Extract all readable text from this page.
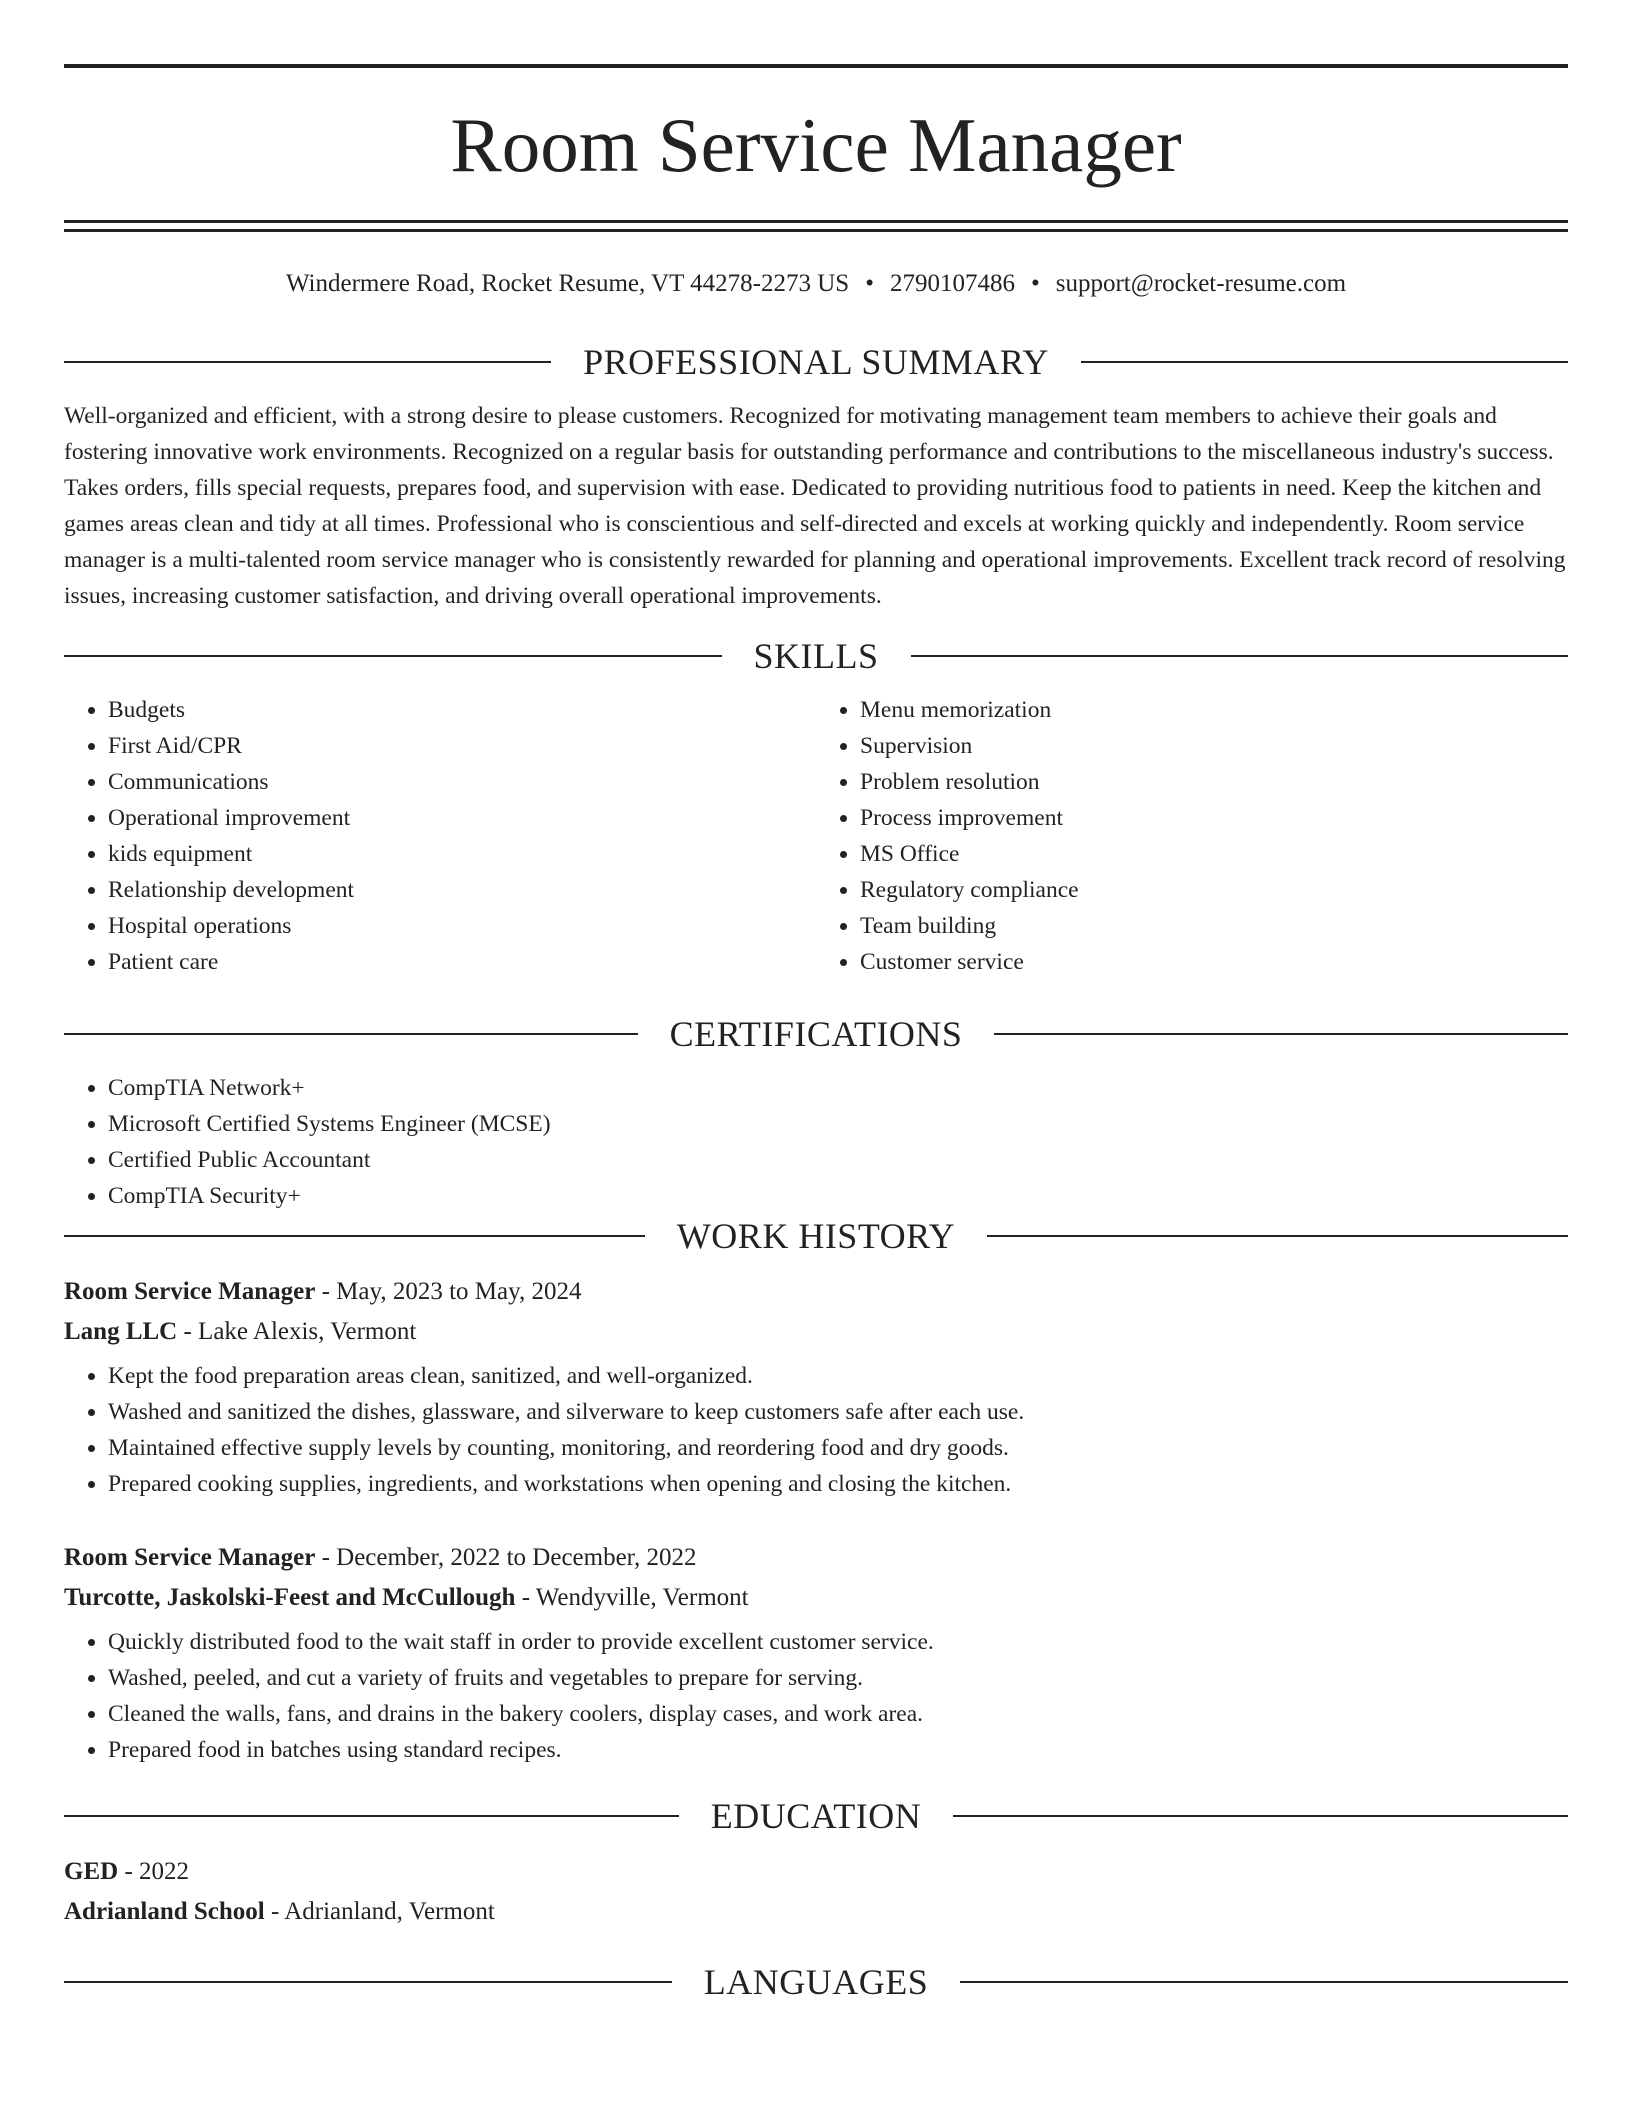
Room Service Manager
Windermere Road, Rocket Resume, VT 44278-2273 US • 2790107486 • support@rocket-resume.com
PROFESSIONAL SUMMARY

Well-organized and efficient, with a strong desire to please customers. Recognized for motivating management team members to achieve their goals and fostering innovative work environments. Recognized on a regular basis for outstanding performance and contributions to the miscellaneous industry's success. Takes orders, fills special requests, prepares food, and supervision with ease. Dedicated to providing nutritious food to patients in need. Keep the kitchen and games areas clean and tidy at all times. Professional who is conscientious and self-directed and excels at working quickly and independently. Room service manager is a multi-talented room service manager who is consistently rewarded for planning and operational improvements. Excellent track record of resolving issues, increasing customer satisfaction, and driving overall operational improvements.

SKILLS
• Budgets
• First Aid/CPR
• Communications
• Operational improvement
• kids equipment
• Relationship development
• Hospital operations
• Patient care
• Menu memorization
• Supervision
• Problem resolution
• Process improvement
• MS Office
• Regulatory compliance
• Team building
• Customer service
CERTIFICATIONS
• CompTIA Network+
• Microsoft Certified Systems Engineer (MCSE)
• Certified Public Accountant
• CompTIA Security+
WORK HISTORY
Room Service Manager - May, 2023 to May, 2024
Lang LLC - Lake Alexis, Vermont
• Kept the food preparation areas clean, sanitized, and well-organized.
• Washed and sanitized the dishes, glassware, and silverware to keep customers safe after each use.
• Maintained effective supply levels by counting, monitoring, and reordering food and dry goods.
• Prepared cooking supplies, ingredients, and workstations when opening and closing the kitchen.
Room Service Manager - December, 2022 to December, 2022
Turcotte, Jaskolski-Feest and McCullough - Wendyville, Vermont
• Quickly distributed food to the wait staff in order to provide excellent customer service.
• Washed, peeled, and cut a variety of fruits and vegetables to prepare for serving.
• Cleaned the walls, fans, and drains in the bakery coolers, display cases, and work area.
• Prepared food in batches using standard recipes.
EDUCATION
GED - 2022
Adrianland School - Adrianland, Vermont
LANGUAGES
